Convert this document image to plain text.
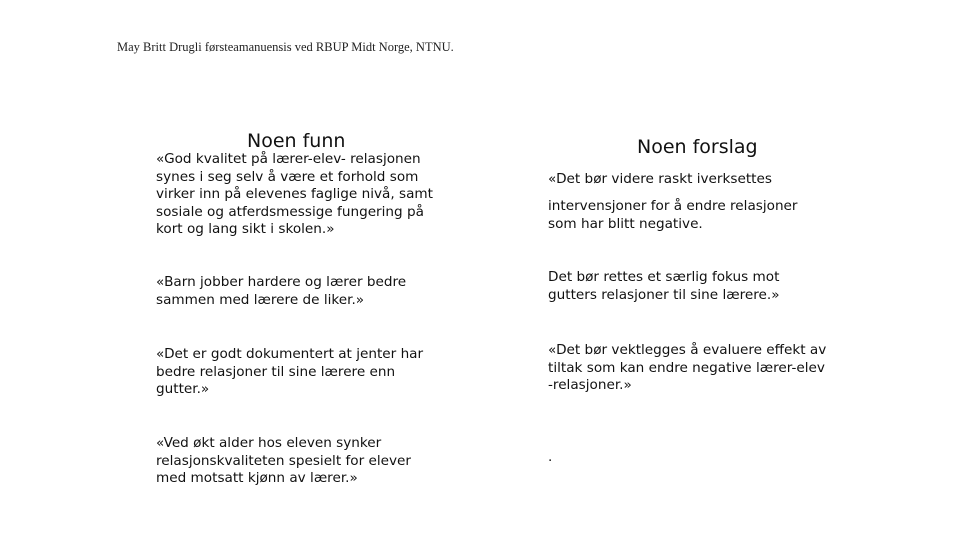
May Britt Drugli førsteamanuensis ved RBUP Midt Norge, NTNU.
Noen funn
«God kvalitet på lærer-elev- relasjonen
synes i seg selv å være et forhold som
virker inn på elevenes faglige nivå, samt
sosiale og atferdsmessige fungering på
kort og lang sikt i skolen.»
«Barn jobber hardere og lærer bedre
sammen med lærere de liker.»
«Det er godt dokumentert at jenter har
bedre relasjoner til sine lærere enn
gutter.»
«Ved økt alder hos eleven synker
relasjonskvaliteten spesielt for elever
med motsatt kjønn av lærer.»
Noen forslag
«Det bør videre raskt iverksettes
intervensjoner for å endre relasjoner
som har blitt negative.
Det bør rettes et særlig fokus mot
gutters relasjoner til sine lærere.»
«Det bør vektlegges å evaluere effekt av
tiltak som kan endre negative lærer-elev
-relasjoner.»
.
